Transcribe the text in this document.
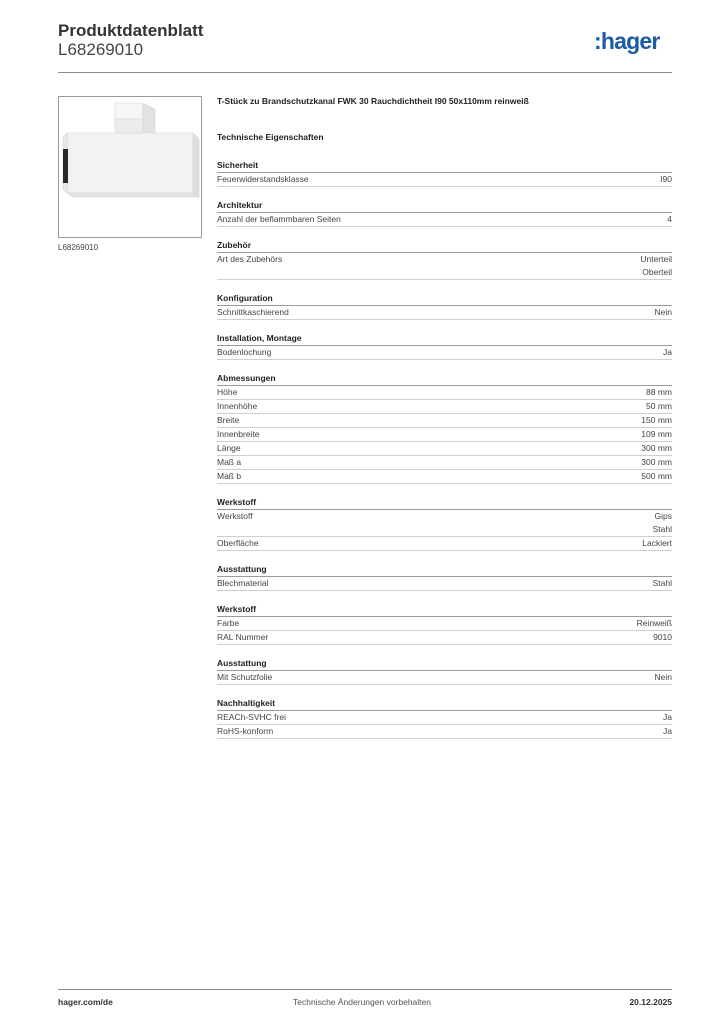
Produktdatenblatt
L68269010	:hager
L68269010
T-Stück zu Brandschutzkanal FWK 30 Rauchdichtheit I90 50x110mm reinweiß
Technische Eigenschaften
Sicherheit
Feuerwiderstandsklasse	I90
Architektur
Anzahl der beflammbaren Seiten	4
Zubehör
Art des Zubehörs	Unterteil
Oberteil
Konfiguration
Schnittkaschierend	Nein
Installation, Montage
Bodenlochung	Ja
Abmessungen
Höhe	88 mm
Innenhöhe	50 mm
Breite	150 mm
Innenbreite	109 mm
Länge	300 mm
Maß a	300 mm
Maß b	500 mm
Werkstoff
Werkstoff	Gips
Stahl
Oberfläche	Lackiert
Ausstattung
Blechmaterial	Stahl
Werkstoff
Farbe	Reinweiß
RAL Nummer	9010
Ausstattung
Mit Schutzfolie	Nein
Nachhaltigkeit
REACh-SVHC frei	Ja
RoHS-konform	Ja
hager.com/de	Technische Änderungen vorbehalten	20.12.2025
